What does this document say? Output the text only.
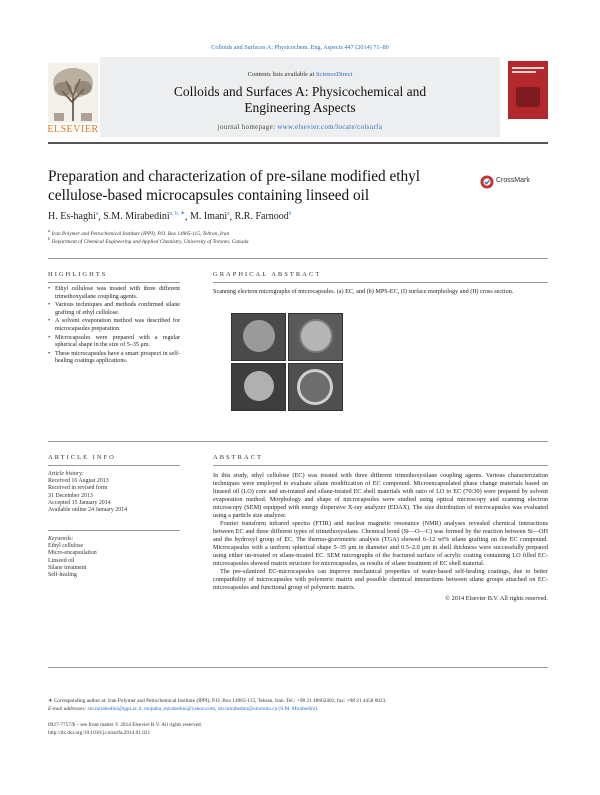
Colloids and Surfaces A: Physicochem. Eng. Aspects 447 (2014) 71–80
ELSEVIER
Contents lists available at ScienceDirect
Colloids and Surfaces A: Physicochemical and
Engineering Aspects
journal homepage: www.elsevier.com/locate/colsurfa
Preparation and characterization of pre-silane modified ethyl
cellulose-based microcapsules containing linseed oil
CrossMark
H. Es-haghi$^a$, S.M. Mirabedini$^{a, b, ∗}$, M. Imani$^a$, R.R. Farnood$^b$
$^a$ Iran Polymer and Petrochemical Institute (IPPI), P.O. Box 14965-115, Tehran, Iran
$^b$ Department of Chemical Engineering and Applied Chemistry, University of Toronto, Canada
HIGHLIGHTS
• Ethyl cellulose was treated with three different trimethoxysilane coupling agents.
• Various techniques and methods confirmed silane grafting of ethyl cellulose.
• A solvent evaporation method was described for microcapsules preparation.
• Microcapsules were prepared with a regular spherical shape in the size of 5–35 μm.
• These microcapsules have a smart prospect in self-healing coatings applications.
GRAPHICAL ABSTRACT
Scanning electron micrographs of microcapsules. (a) EC, and (b) MPS-EC, (I) surface morphology and (II) cross section.
ARTICLE INFO
Article history:
Received 16 August 2013
Received in revised form
31 December 2013
Accepted 15 January 2014
Available online 24 January 2014
Keywords:
Ethyl cellulose
Micro-encapsulation
Linseed oil
Silane treatment
Self-healing
ABSTRACT

In this study, ethyl cellulose (EC) was treated with three different trimethoxysilane coupling agents. Various characterization techniques were employed to evaluate silane modification of EC compound. Microencapsulated phase change materials based on linseed oil (LO) core and un-treated and silane-treated EC shell materials with ratio of LO to EC (70:30) were prepared by solvent evaporation method. Morphology and shape of microcapsules were studied using optical microscopy and scanning electron microscopy (SEM) equipped with energy dispersive X-ray analyzer (EDAX). The size distribution of microcapsules was evaluated using a particle size analyzer.

Fourier transform infrared spectra (FTIR) and nuclear magnetic resonance (NMR) analyses revealed chemical interactions between EC and three different types of trimethoxysilane. Chemical bond (Si—O—C) was formed by the reaction between Si—OH and the hydroxyl group of EC. The thermo-gravimetric analysis (TGA) showed 6–12 wt% silane grafting on the EC compound. Microcapsules with a uniform spherical shape 5–35 μm in diameter and 0.5–2.0 μm in shell thickness were successfully prepared using either un-treated or silane-treated EC. SEM micrographs of the fractured surface of acrylic coating containing LO filled EC-microcapsules showed matrix structure for microcapsules, as results of silane treatment of EC shell material.

The pre-silanized EC-microcapsules can improve mechanical properties of water-based self-healing coatings, due to better compatibility of microcapsules with polymeric matrix and possible chemical interactions between silane groups attached on EC-microcapsules and functional group of polymeric matrix.

© 2014 Elsevier B.V. All rights reserved.
∗ Corresponding author at: Iran Polymer and Petrochemical Institute (IPPI), P.O. Box 14965-115, Tehran, Iran. Tel.: +98 21 48662401; fax: +98 21 4458 0023.
E-mail addresses: sm.mirabedini@ippi.ac.ir, mojtaba_mirabedini@yahoo.com, sm.mirabedini@utoronto.ca (S.M. Mirabedini).
0927-7757/$ – see front matter © 2014 Elsevier B.V. All rights reserved.
http://dx.doi.org/10.1016/j.colsurfa.2014.01.021
